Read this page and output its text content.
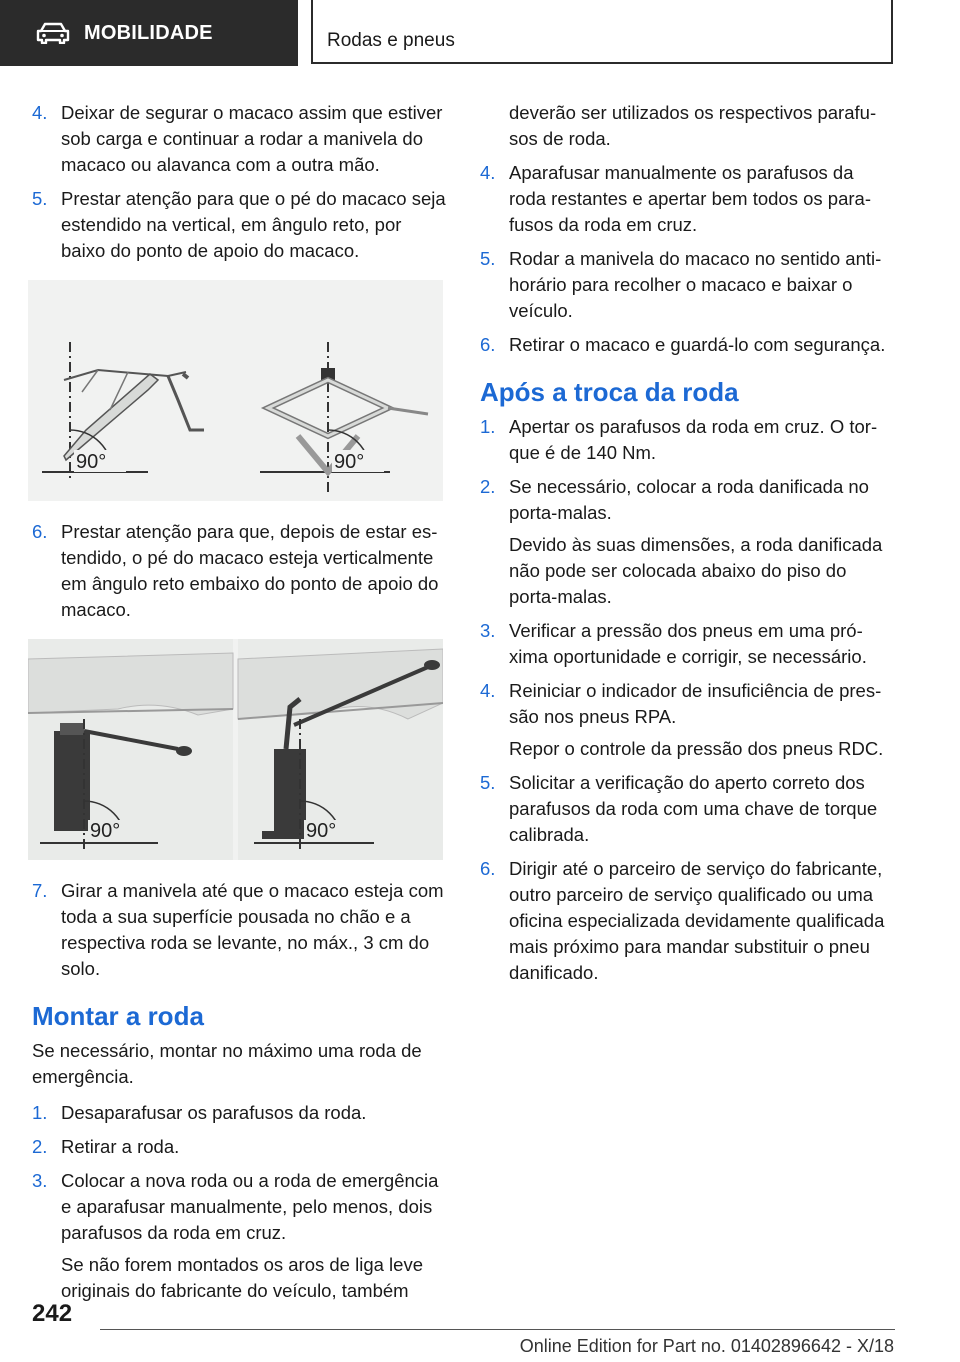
MOBILIDADE	Rodas e pneus
4. Deixar de segurar o macaco assim que estiver sob carga e continuar a rodar a manivela do macaco ou alavanca com a outra mão.

5. Prestar atenção para que o pé do macaco seja estendido na vertical, em ângulo reto, por baixo do ponto de apoio do macaco.

90°	90°
6. Prestar atenção para que, depois de estar estendido, o pé do macaco esteja verticalmente em ângulo reto embaixo do ponto de apoio do macaco.

90°	90°
7. Girar a manivela até que o macaco esteja com toda a sua superfície pousada no chão e a respectiva roda se levante, no máx., 3 cm do solo.

Montar a roda

Se necessário, montar no máximo uma roda de emergência.

1. Desaparafusar os parafusos da roda.

2. Retirar a roda.

3. Colocar a nova roda ou a roda de emergência e aparafusar manualmente, pelo menos, dois parafusos da roda em cruz.

Se não forem montados os aros de liga leve originais do fabricante do veículo, também

deverão ser utilizados os respectivos parafusos de roda.

4. Aparafusar manualmente os parafusos da roda restantes e apertar bem todos os parafusos da roda em cruz.

5. Rodar a manivela do macaco no sentido anti-horário para recolher o macaco e baixar o veículo.

6. Retirar o macaco e guardá-lo com segurança.

Após a troca da roda
1. Apertar os parafusos da roda em cruz. O torque é de 140 Nm.

2. Se necessário, colocar a roda danificada no porta-malas.

Devido às suas dimensões, a roda danificada não pode ser colocada abaixo do piso do porta-malas.

3. Verificar a pressão dos pneus em uma próxima oportunidade e corrigir, se necessário.

4. Reiniciar o indicador de insuficiência de pressão nos pneus RPA.

Repor o controle da pressão dos pneus RDC.

5. Solicitar a verificação do aperto correto dos parafusos da roda com uma chave de torque calibrada.

6. Dirigir até o parceiro de serviço do fabricante, outro parceiro de serviço qualificado ou uma oficina especializada devidamente qualificada mais próximo para mandar substituir o pneu danificado.

242
Online Edition for Part no. 01402896642 - X/18
